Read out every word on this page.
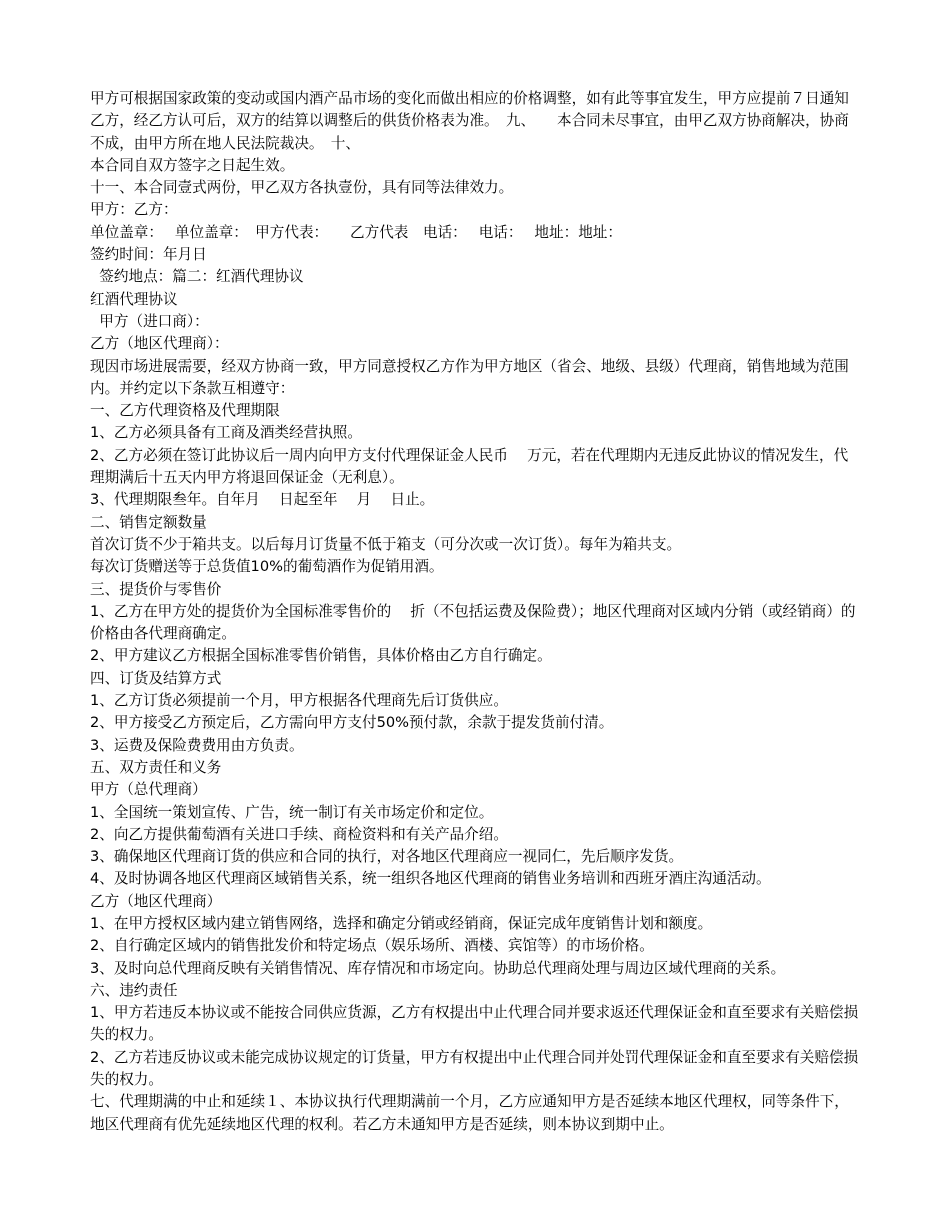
甲方可根据国家政策的变动或国内酒产品市场的变化而做出相应的价格调整，如有此等事宜发生，甲方应提前７日通知乙方，经乙方认可后，双方的结算以调整后的供货价格表为准。　九、　　本合同未尽事宜，由甲乙双方协商解决，协商不成，由甲方所在地人民法院裁决。　十、

本合同自双方签字之日起生效。

十一、本合同壹式两份，甲乙双方各执壹份，具有同等法律效力。

甲方：乙方：

单位盖章：　 单位盖章：　甲方代表：　　乙方代表　电话：　 电话：　 地址：地址：

签约时间：年月日

签约地点：篇二：红酒代理协议

红酒代理协议

甲方（进口商）：

乙方（地区代理商）：

现因市场进展需要，经双方协商一致，甲方同意授权乙方作为甲方地区（省会、地级、县级）代理商，销售地域为范围内。并约定以下条款互相遵守：

一、乙方代理资格及代理期限

1、乙方必须具备有工商及酒类经营执照。

2、乙方必须在签订此协议后一周内向甲方支付代理保证金人民币　 万元，若在代理期内无违反此协议的情况发生，代理期满后十五天内甲方将退回保证金（无利息）。

3、代理期限叁年。自年月　 日起至年　 月　 日止。

二、销售定额数量

首次订货不少于箱共支。以后每月订货量不低于箱支（可分次或一次订货）。每年为箱共支。

每次订货赠送等于总货值10%的葡萄酒作为促销用酒。

三、提货价与零售价

1、乙方在甲方处的提货价为全国标准零售价的　 折（不包括运费及保险费）；地区代理商对区域内分销（或经销商）的价格由各代理商确定。

2、甲方建议乙方根据全国标准零售价销售，具体价格由乙方自行确定。

四、订货及结算方式

1、乙方订货必须提前一个月，甲方根据各代理商先后订货供应。

2、甲方接受乙方预定后，乙方需向甲方支付50%预付款，余款于提发货前付清。

3、运费及保险费费用由方负责。

五、双方责任和义务

甲方（总代理商）

1、全国统一策划宣传、广告，统一制订有关市场定价和定位。

2、向乙方提供葡萄酒有关进口手续、商检资料和有关产品介绍。

3、确保地区代理商订货的供应和合同的执行，对各地区代理商应一视同仁，先后顺序发货。

4、及时协调各地区代理商区域销售关系，统一组织各地区代理商的销售业务培训和西班牙酒庄沟通活动。

乙方（地区代理商）

1、在甲方授权区域内建立销售网络，选择和确定分销或经销商，保证完成年度销售计划和额度。

2、自行确定区域内的销售批发价和特定场点（娱乐场所、酒楼、宾馆等）的市场价格。

3、及时向总代理商反映有关销售情况、库存情况和市场定向。协助总代理商处理与周边区域代理商的关系。

六、违约责任

1、甲方若违反本协议或不能按合同供应货源，乙方有权提出中止代理合同并要求返还代理保证金和直至要求有关赔偿损失的权力。

2、乙方若违反协议或未能完成协议规定的订货量，甲方有权提出中止代理合同并处罚代理保证金和直至要求有关赔偿损失的权力。

七、代理期满的中止和延续１、本协议执行代理期满前一个月，乙方应通知甲方是否延续本地区代理权，同等条件下，地区代理商有优先延续地区代理的权利。若乙方未通知甲方是否延续，则本协议到期中止。
